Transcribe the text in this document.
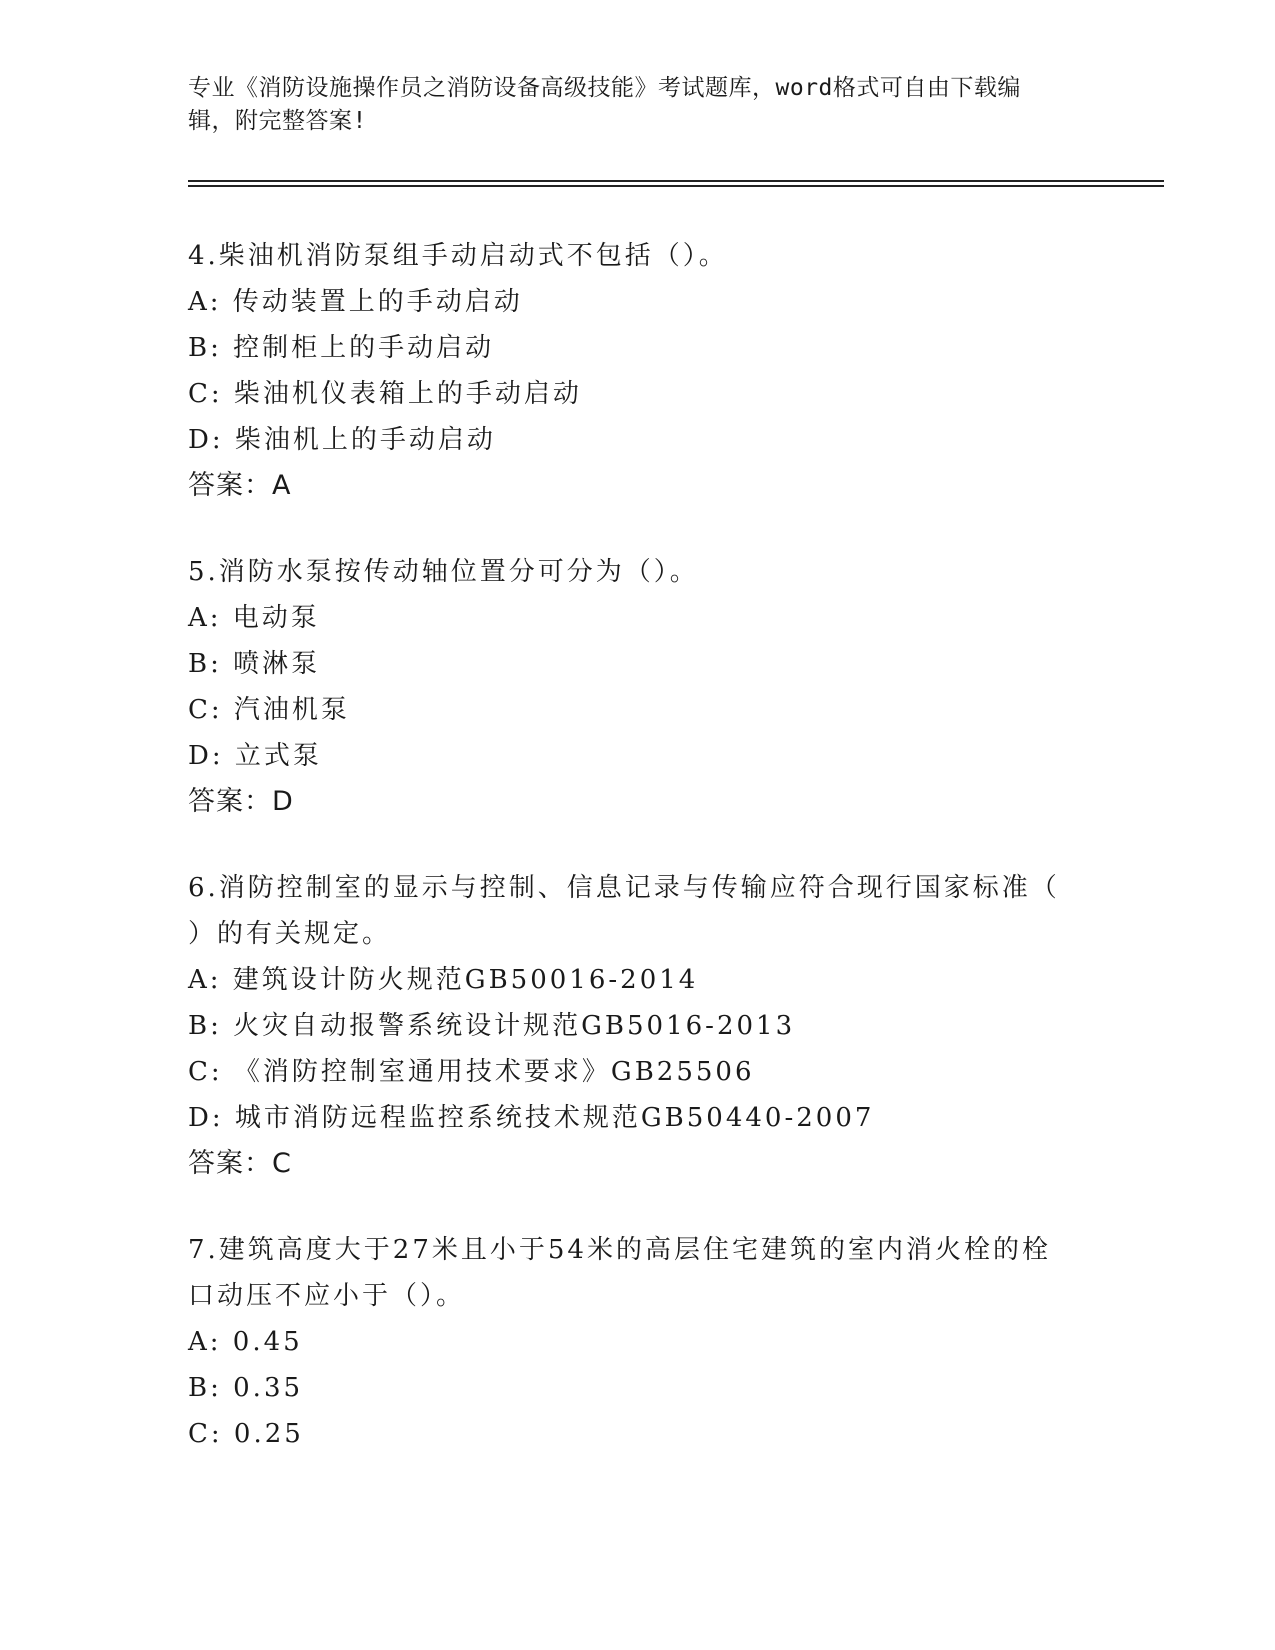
专业《消防设施操作员之消防设备高级技能》考试题库，word格式可自由下载编
辑，附完整答案!
4.柴油机消防泵组手动启动式不包括（）。
A: 传动装置上的手动启动
B: 控制柜上的手动启动
C: 柴油机仪表箱上的手动启动
D: 柴油机上的手动启动
答案：A
5.消防水泵按传动轴位置分可分为（）。
A: 电动泵
B: 喷淋泵
C: 汽油机泵
D: 立式泵
答案：D
6.消防控制室的显示与控制、信息记录与传输应符合现行国家标准（
）的有关规定。
A: 建筑设计防火规范GB50016-2014
B: 火灾自动报警系统设计规范GB5016-2013
C: 《消防控制室通用技术要求》GB25506
D: 城市消防远程监控系统技术规范GB50440-2007
答案：C
7.建筑高度大于27米且小于54米的高层住宅建筑的室内消火栓的栓
口动压不应小于（）。
A: 0.45
B: 0.35
C: 0.25
